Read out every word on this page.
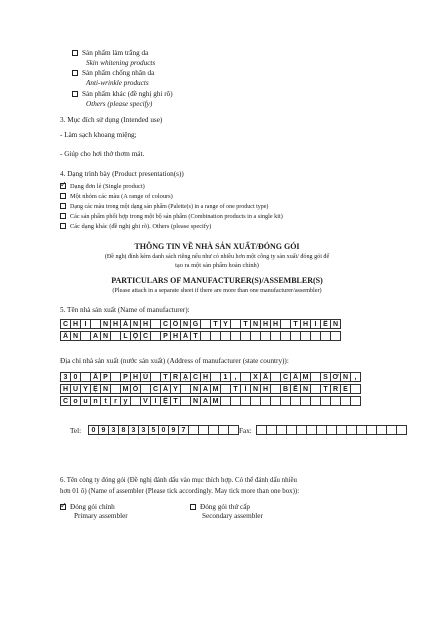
Sản phẩm làm trắng da
Skin whitening products
Sản phẩm chống nhăn da
Anti-wrinkle products
Sản phẩm khác (đề nghị ghi rõ)
Others (please specify)
3. Mục đích sử dụng (Intended use)
- Làm sạch khoang miệng;
- Giúp cho hơi thở thơm mát.
4. Dạng trình bày (Product presentation(s))
✓Dạng đơn lẻ (Single product)
Một nhóm các màu (A range of colours)
Dạng các màu trong một dạng sản phẩm (Palette(s) in a range of one product type)
Các sản phẩm phối hợp trong một bộ sản phẩm (Combination products in a single kit)
Các dạng khác (đề nghị ghi rõ). Others (please specify)
THÔNG TIN VỀ NHÀ SẢN XUẤT/ĐÓNG GÓI
(Đề nghị đính kèm danh sách riêng nếu như có nhiều hơn một công ty sản xuất/ đóng gói để
tạo ra một sản phẩm hoàn chỉnh)
PARTICULARS OF MANUFACTURER(S)/ASSEMBLER(S)
(Please attach in a separate sheet if there are more than one manufacturer/assembler)
5. Tên nhà sản xuất (Name of manufacturer):
C H I	N H Á N H	C Ô N G	T Y	T N H H	T H I Ê N
Â N	A N	L Ộ C	P H Á T
Địa chỉ nhà sản xuất (nước sản xuất) (Address of manufacturer (state country)):
3 0	Ấ P	P H Ú	T R Ạ C H	1	,	X Ã	C Ẩ M	S Ơ N ,
H U Y Ệ N	M Ỏ	C À Y	N A M	T Ỉ N H	B Ế N	T R E
C o u n t	r y	V I Ệ T	N A M
Tel:	0 9 3 8 3 3 5 0 9 7	Fax:
6. Tên công ty đóng gói (Đề nghị đánh dấu vào mục thích hợp. Có thể đánh dấu nhiều
hơn 01 ô) (Name of assembler (Please tick accordingly. May tick more than one box)):
✓Đóng gói chính
Primary assembler
Đóng gói thứ cấp
Secondary assembler
